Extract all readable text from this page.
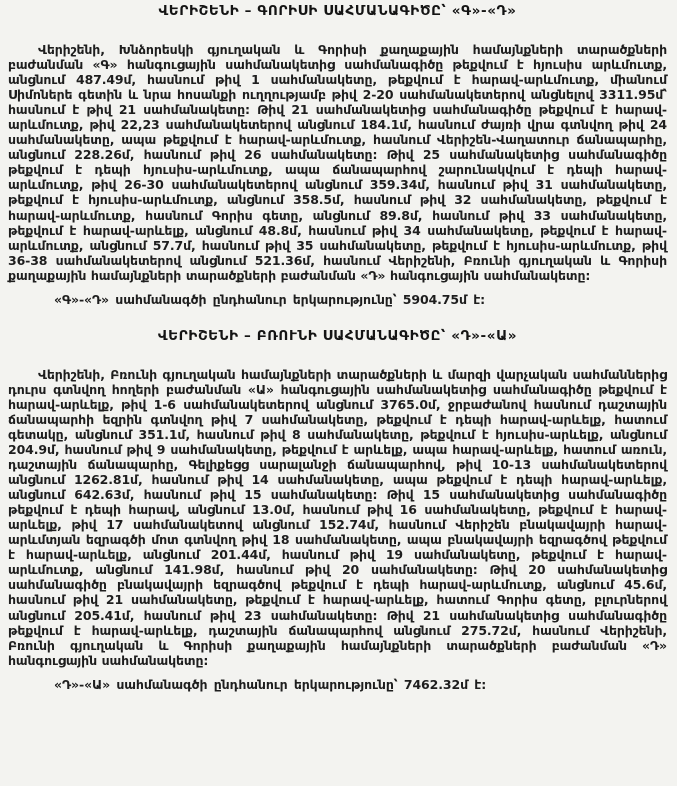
ՎԵՐԻՇԵՆԻ – ԳՈՐԻՍԻ ՍԱՀՄԱՆԱԳԻԾԸ՝ «Գ»-«Դ»

Վերիշենի, Խնձորեսկի գյուղական և Գորիսի քաղաքային համայնքների տարածքների բաժանման «Գ» հանգուցային սահմանակետից սահմանագիծը թեքվում է հյուսիս արևմուտք, անցնում 487.49մ, հասնում թիվ 1 սահմանակետը, թեքվում է հարավ-արևմուտք, միանում Սիմոներե գետին և նրա հոսանքի ուղղությամբ թիվ 2-20 սահմանակետերով անցնելով 3311.95մ՝ հասնում է թիվ 21 սահմանակետը: Թիվ 21 սահմանակետից սահմանագիծը թեքվում է հարավ-արևմուտք, թիվ 22,23 սահմանակետերով անցնում 184.1մ, հասնում ժայռի վրա գտնվող թիվ 24 սահմանակետը, ապա թեքվում է հարավ-արևմուտք, հասնում Վերիշեն-Վաղատուր ճանապարհը, անցնում 228.26մ, հասնում թիվ 26 սահմանակետը: Թիվ 25 սահմանակետից սահմանագիծը թեքվում է դեպի հյուսիս-արևմուտք, ապա ճանապարհով շարունակվում է դեպի հարավ-արևմուտք, թիվ 26-30 սահմանակետերով անցնում 359.34մ, հասնում թիվ 31 սահմանակետը, թեքվում է հյուսիս-արևմուտք, անցնում 358.5մ, հասնում թիվ 32 սահմանակետը, թեքվում է հարավ-արևմուտք, հասնում Գորիս գետը, անցնում 89.8մ, հասնում թիվ 33 սահմանակետը, թեքվում է հարավ-արևելք, անցնում 48.8մ, հասնում թիվ 34 սահմանակետը, թեքվում է հարավ-արևմուտք, անցնում 57.7մ, հասնում թիվ 35 սահմանակետը, թեքվում է հյուսիս-արևմուտք, թիվ 36-38 սահմանակետերով անցնում 521.36մ, հասնում Վերիշենի, Բռունի գյուղական և Գորիսի քաղաքային համայնքների տարածքների բաժանման «Դ» հանգուցային սահմանակետը:

«Գ»-«Դ» սահմանագծի ընդհանուր երկարությունը՝ 5904.75մ է:

ՎԵՐԻՇԵՆԻ – ԲՌՈՒՆԻ ՍԱՀՄԱՆԱԳԻԾԸ՝ «Դ»-«Ա»

Վերիշենի, Բռունի գյուղական համայնքների տարածքների և մարզի վարչական սահմաններից դուրս գտնվող հողերի բաժանման «Ա» հանգուցային սահմանակետից սահմանագիծը թեքվում է հարավ-արևելք, թիվ 1-6 սահմանակետերով անցնում 3765.0մ, ջրբաժանով հասնում դաշտային ճանապարհի եզրին գտնվող թիվ 7 սահմանակետը, թեքվում է դեպի հարավ-արևելք, հատում գետակը, անցնում 351.1մ, հասնում թիվ 8 սահմանակետը, թեքվում է հյուսիս-արևելք, անցնում 204.9մ, հասնում թիվ 9 սահմանակետը, թեքվում է արևելք, ապա հարավ-արևելք, հատում առուն, դաշտային ճանապարհը, Գելիքեցց սարալանջի ճանապարհով, թիվ 10-13 սահմանակետերով անցնում 1262.81մ, հասնում թիվ 14 սահմանակետը, ապա թեքվում է դեպի հարավ-արևելք, անցնում 642.63մ, հասնում թիվ 15 սահմանակետը: Թիվ 15 սահմանակետից սահմանագիծը թեքվում է դեպի հարավ, անցնում 13.0մ, հասնում թիվ 16 սահմանակետը, թեքվում է հարավ-արևելք, թիվ 17 սահմանակետով անցնում 152.74մ, հասնում Վերիշեն բնակավայրի հարավ-արևմտյան եզրագծի մոտ գտնվող թիվ 18 սահմանակետը, ապա բնակավայրի եզրագծով թեքվում է հարավ-արևելք, անցնում 201.44մ, հասնում թիվ 19 սահմանակետը, թեքվում է հարավ-արևմուտք, անցնում 141.98մ, հասնում թիվ 20 սահմանակետը: Թիվ 20 սահմանակետից սահմանագիծը բնակավայրի եզրագծով թեքվում է դեպի հարավ-արևմուտք, անցնում 45.6մ, հասնում թիվ 21 սահմանակետը, թեքվում է հարավ-արևելք, հատում Գորիս գետը, բլուրներով անցնում 205.41մ, հասնում թիվ 23 սահմանակետը: Թիվ 21 սահմանակետից սահմանագիծը թեքվում է հարավ-արևելք, դաշտային ճանապարհով անցնում 275.72մ, հասնում Վերիշենի, Բռունի գյուղական և Գորիսի քաղաքային համայնքների տարածքների բաժանման «Դ» հանգուցային սահմանակետը:

«Դ»-«Ա» սահմանագծի ընդհանուր երկարությունը՝ 7462.32մ է:
